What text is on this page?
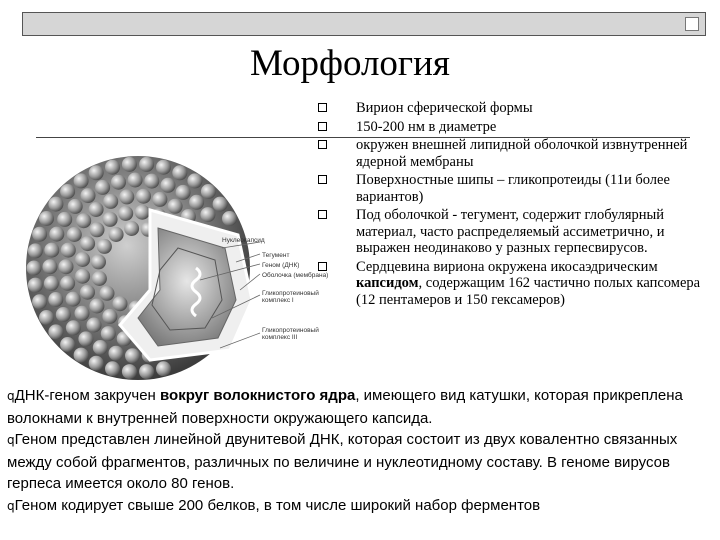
Морфология
Нуклеокапсид
Тегумент
Геном (ДНК)
Оболочка (мембрана)
Гликопротеиновый
комплекс I
Гликопротеиновый
комплекс III
Вирион сферической формы
150-200 нм в диаметре
окружен внешней липидной оболочкой извнутренней ядерной мембраны
Поверхностные шипы – гликопротеиды (11и более вариантов)
Под оболочкой - тегумент, содержит глобулярный материал, часто распределяемый ассиметрично, и выражен неодинаково у разных герпесвирусов.
Сердцевина вириона окружена икосаэдрическим капсидом, содержащим 162 частично полых капсомера (12 пентамеров и 150 гексамеров)

qДНК-геном закручен вокруг волокнистого ядра, имеющего вид катушки, которая прикреплена волокнами к внутренней поверхности окружающего капсида.

qГеном представлен линейной двунитевой ДНК, которая состоит из двух ковалентно связанных между собой фрагментов, различных по величине и нуклеотидному составу. В геноме вирусов герпеса имеется около 80 генов.

qГеном кодирует свыше 200 белков, в том числе широкий набор ферментов
